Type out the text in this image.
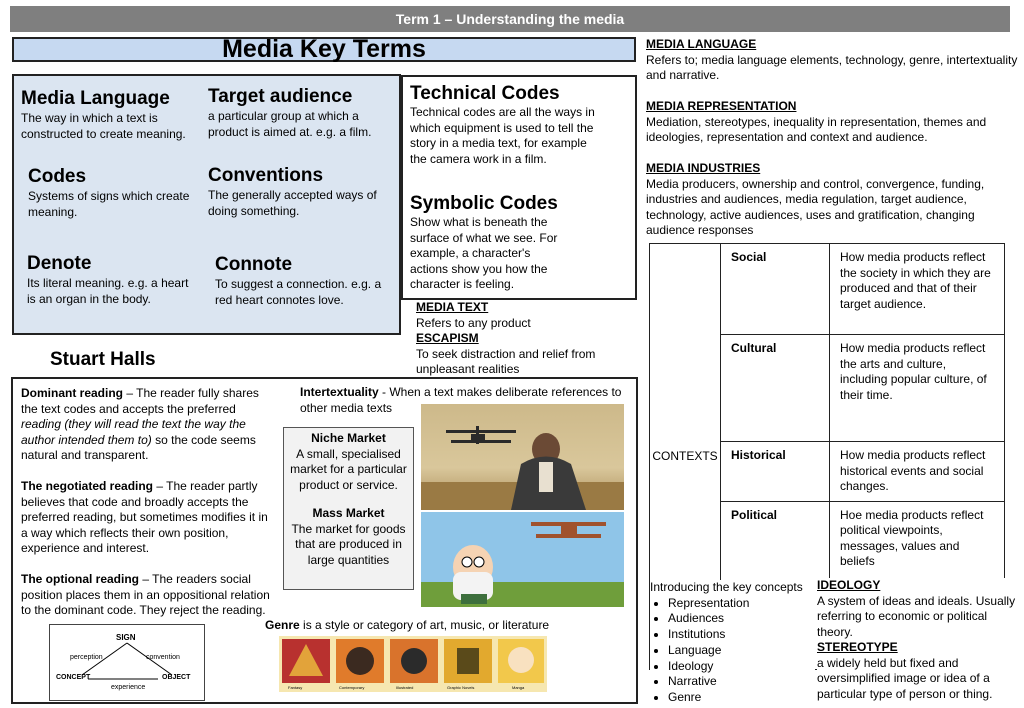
Term 1 – Understanding the media
Media Key Terms
Media Language
The way in which a text is constructed to create meaning.
Target audience
a particular group at which a product is aimed at. e.g. a film.
Codes
Systems of signs which create meaning.
Conventions
The generally accepted ways of doing something.
Denote
Its literal meaning. e.g. a heart is an organ in the body.
Connote
To suggest a connection. e.g. a red heart connotes love.
Technical Codes
Technical codes are all the ways in which equipment is used to tell the story in a media text, for example the camera work in a film.
Symbolic Codes
Show what is beneath the surface of what we see. For example, a character's actions show you how the character is feeling.
MEDIA TEXT
Refers to any product
ESCAPISM
To seek distraction and relief from unpleasant realities
Stuart Halls
Dominant reading – The reader fully shares the text codes and accepts the preferred reading (they will read the text the way the author intended them to) so the code seems natural and transparent.
The negotiated reading – The reader partly believes that code and broadly accepts the preferred reading, but sometimes modifies it in a way which reflects their own position, experience and interest.
The optional reading – The readers social position places them in an oppositional relation to the dominant code. They reject the reading.
Intertextuality - When a text makes deliberate references to other media texts
Niche Market
A small, specialised market for a particular product or service.
Mass Market
The market for goods that are produced in large quantities
SIGN
perception	convention
CONCEPT	OBJECT
experience
Genre is a style or category of art, music, or literature
Fantasy	Contemporary	Illustrated	Graphic Novels	Manga
MEDIA LANGUAGE
Refers to; media language elements, technology, genre, intertextuality and narrative.
MEDIA REPRESENTATION
Mediation, stereotypes, inequality in representation, themes and ideologies, representation and context and audience.
MEDIA INDUSTRIES
Media producers, ownership and control, convergence, funding, industries and audiences, media regulation, target audience, technology, active audiences, uses and gratification, changing audience responses
CONTEXTS	Social	How media products reflect the society in which they are produced and that of their target audience.
	Cultural	How media products reflect the arts and culture, including popular culture, of their time.
	Historical	How media products reflect historical events and social changes.
	Political	Hoe media products reflect political viewpoints, messages, values and beliefs
Introducing the key concepts
• Representation
• Audiences
• Institutions
• Language
• Ideology
• Narrative
• Genre
IDEOLOGY
A system of ideas and ideals. Usually referring to economic or political theory.
STEREOTYPE
a widely held but fixed and oversimplified image or idea of a particular type of person or thing.
